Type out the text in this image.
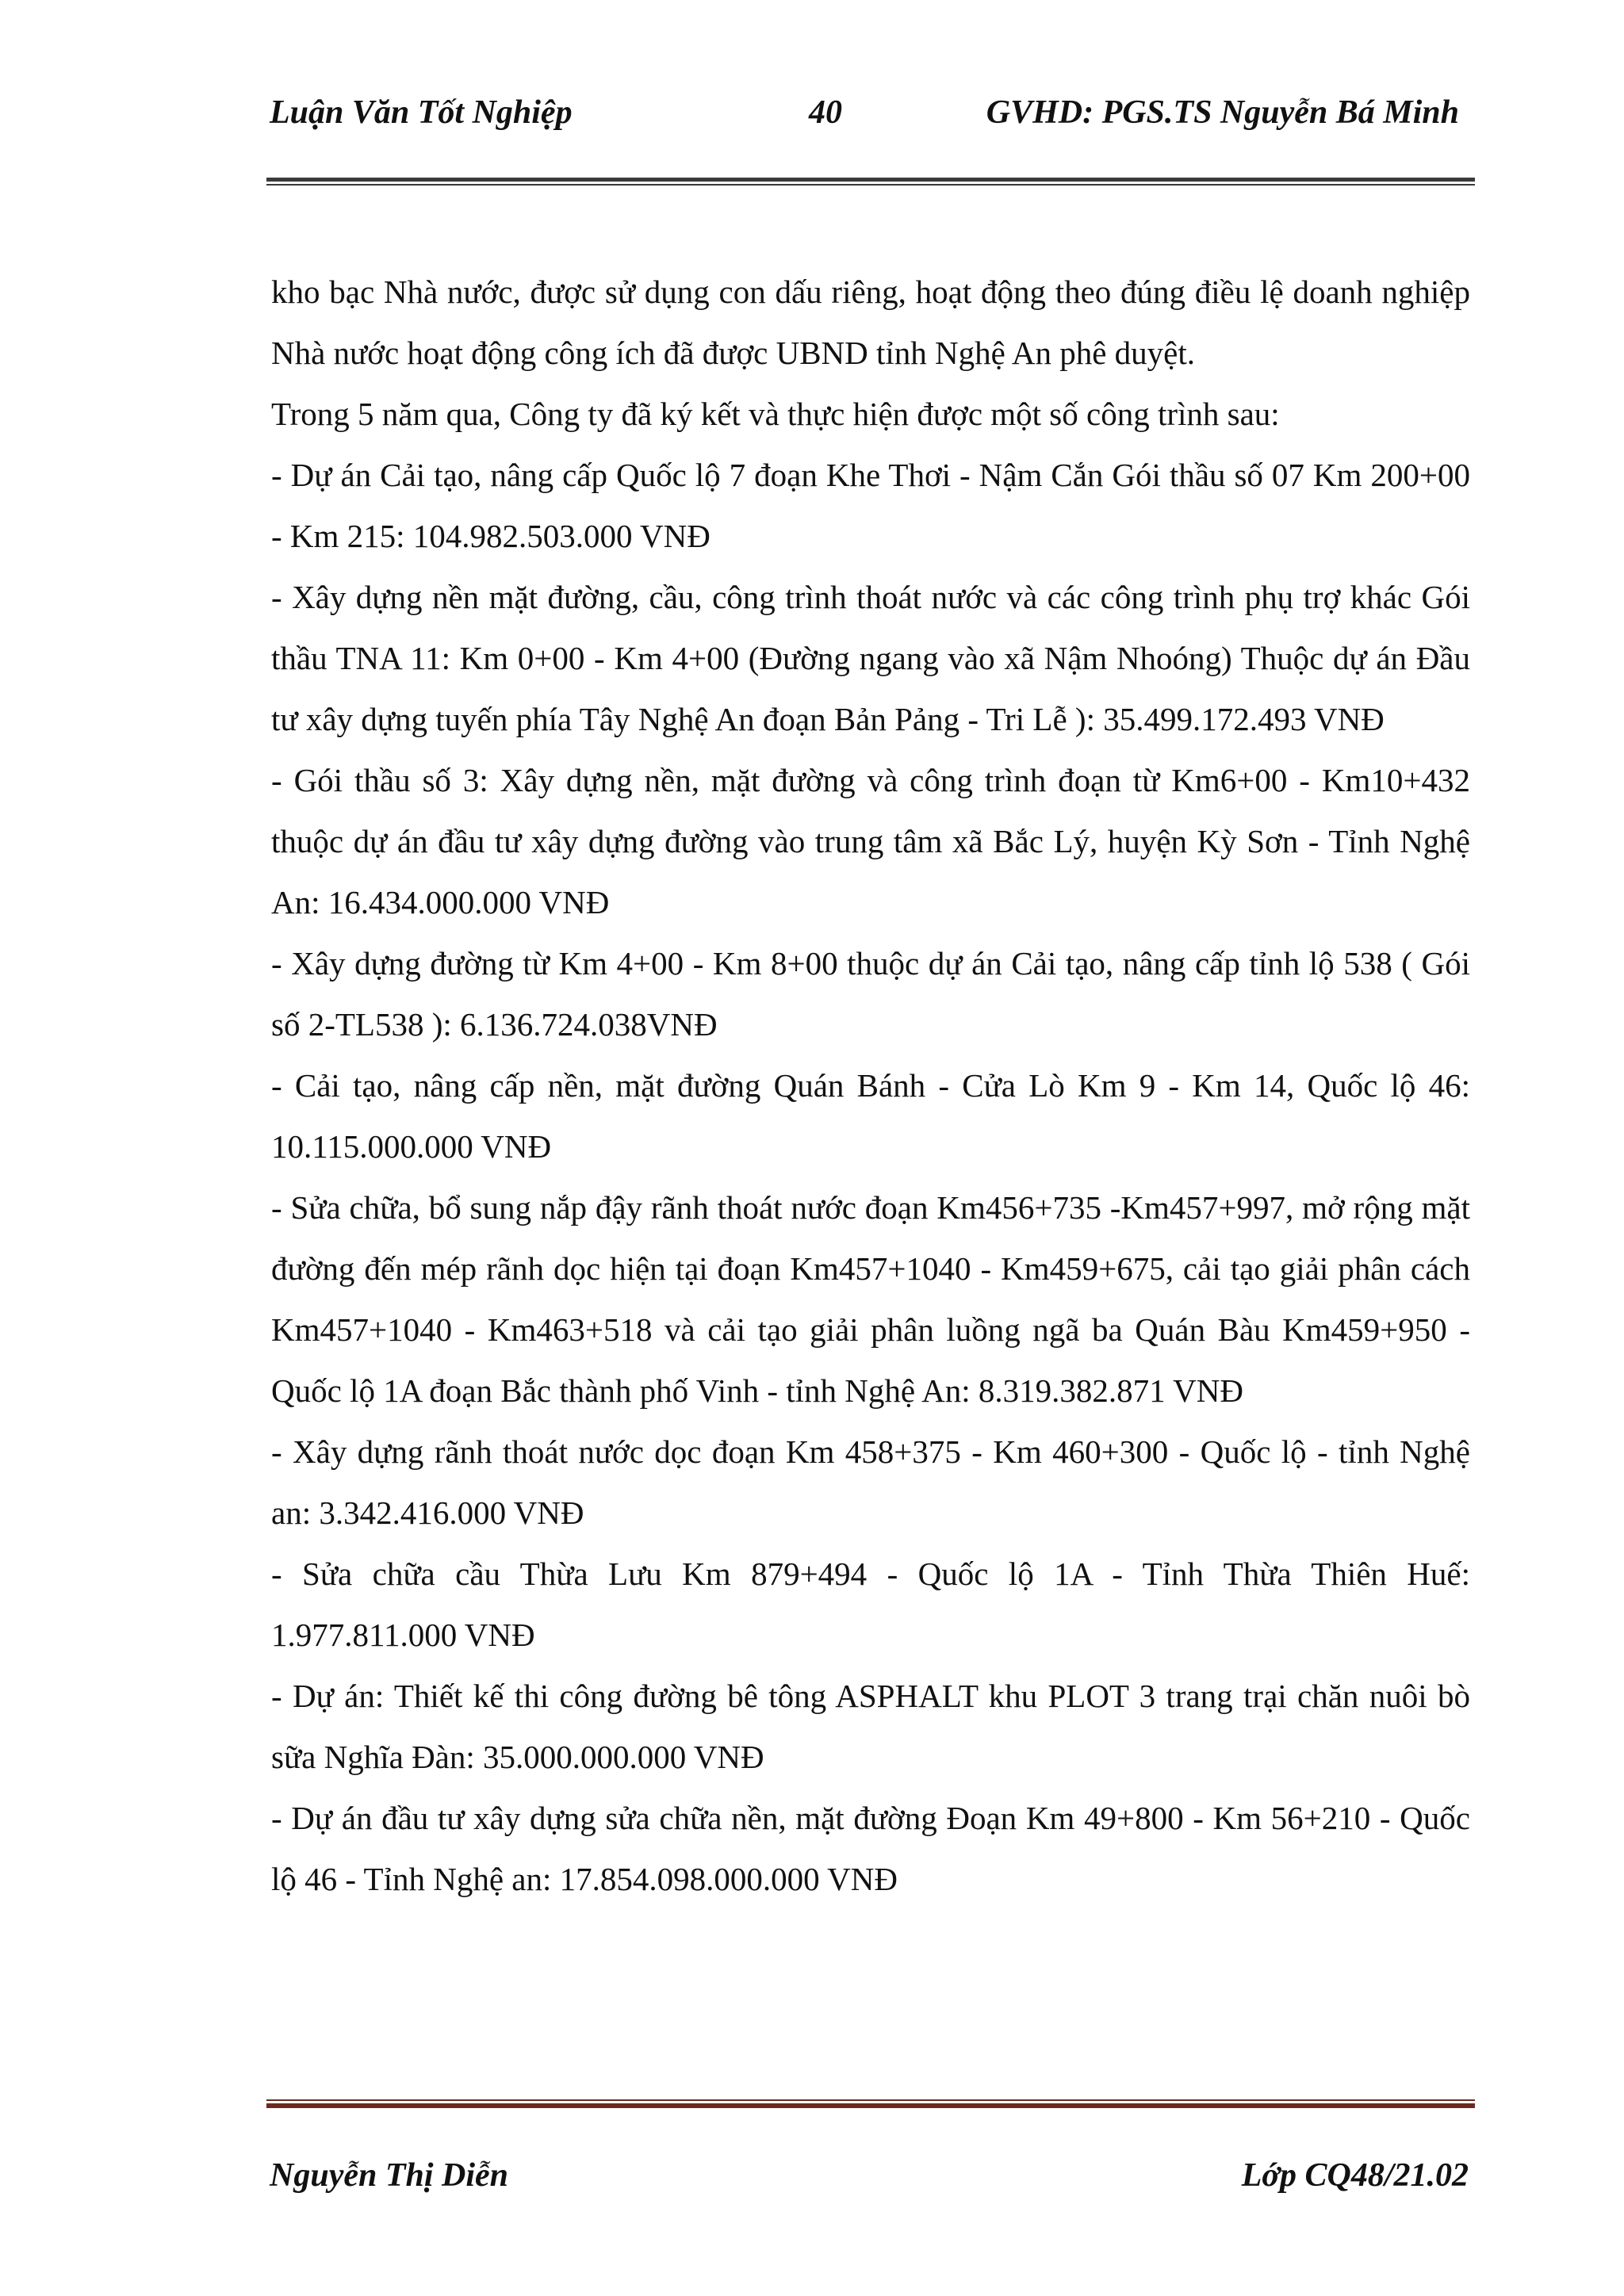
Luận Văn Tốt Nghiệp	40	GVHD: PGS.TS Nguyễn Bá Minh

kho bạc Nhà nước, được sử dụng con dấu riêng, hoạt động theo đúng điều lệ doanh nghiệp Nhà nước hoạt động công ích đã được UBND tỉnh Nghệ An phê duyệt.

Trong 5 năm qua, Công ty đã ký kết và thực hiện được một số công trình sau:

- Dự án Cải tạo, nâng cấp Quốc lộ 7 đoạn Khe Thơi - Nậm Cắn Gói thầu số 07 Km 200+00 - Km 215: 104.982.503.000 VNĐ

- Xây dựng nền mặt đường, cầu, công trình thoát nước và các công trình phụ trợ khác Gói thầu TNA 11: Km 0+00 - Km 4+00 (Đường ngang vào xã Nậm Nhoóng) Thuộc dự án Đầu tư xây dựng tuyến phía Tây Nghệ An đoạn Bản Pảng - Tri Lễ ): 35.499.172.493 VNĐ

- Gói thầu số 3: Xây dựng nền, mặt đường và công trình đoạn từ Km6+00 - Km10+432 thuộc dự án đầu tư xây dựng đường vào trung tâm xã Bắc Lý, huyện Kỳ Sơn - Tỉnh Nghệ An: 16.434.000.000 VNĐ

- Xây dựng đường từ Km 4+00 - Km 8+00 thuộc dự án Cải tạo, nâng cấp tỉnh lộ 538 ( Gói số 2-TL538 ): 6.136.724.038VNĐ

- Cải tạo, nâng cấp nền, mặt đường Quán Bánh - Cửa Lò Km 9 - Km 14, Quốc lộ 46: 10.115.000.000 VNĐ

- Sửa chữa, bổ sung nắp đậy rãnh thoát nước đoạn Km456+735 -Km457+997, mở rộng mặt đường đến mép rãnh dọc hiện tại đoạn Km457+1040 - Km459+675, cải tạo giải phân cách Km457+1040 - Km463+518 và cải tạo giải phân luồng ngã ba Quán Bàu Km459+950 - Quốc lộ 1A đoạn Bắc thành phố Vinh - tỉnh Nghệ An: 8.319.382.871 VNĐ

- Xây dựng rãnh thoát nước dọc đoạn Km 458+375 - Km 460+300 - Quốc lộ - tỉnh Nghệ an: 3.342.416.000 VNĐ

- Sửa chữa cầu Thừa Lưu Km 879+494 - Quốc lộ 1A - Tỉnh Thừa Thiên Huế: 1.977.811.000 VNĐ

- Dự án: Thiết kế thi công đường bê tông ASPHALT khu PLOT 3 trang trại chăn nuôi bò sữa Nghĩa Đàn: 35.000.000.000 VNĐ

- Dự án đầu tư xây dựng sửa chữa nền, mặt đường Đoạn Km 49+800 - Km 56+210 - Quốc lộ 46 - Tỉnh Nghệ an: 17.854.098.000.000 VNĐ

Nguyễn Thị Diễn	Lớp CQ48/21.02
